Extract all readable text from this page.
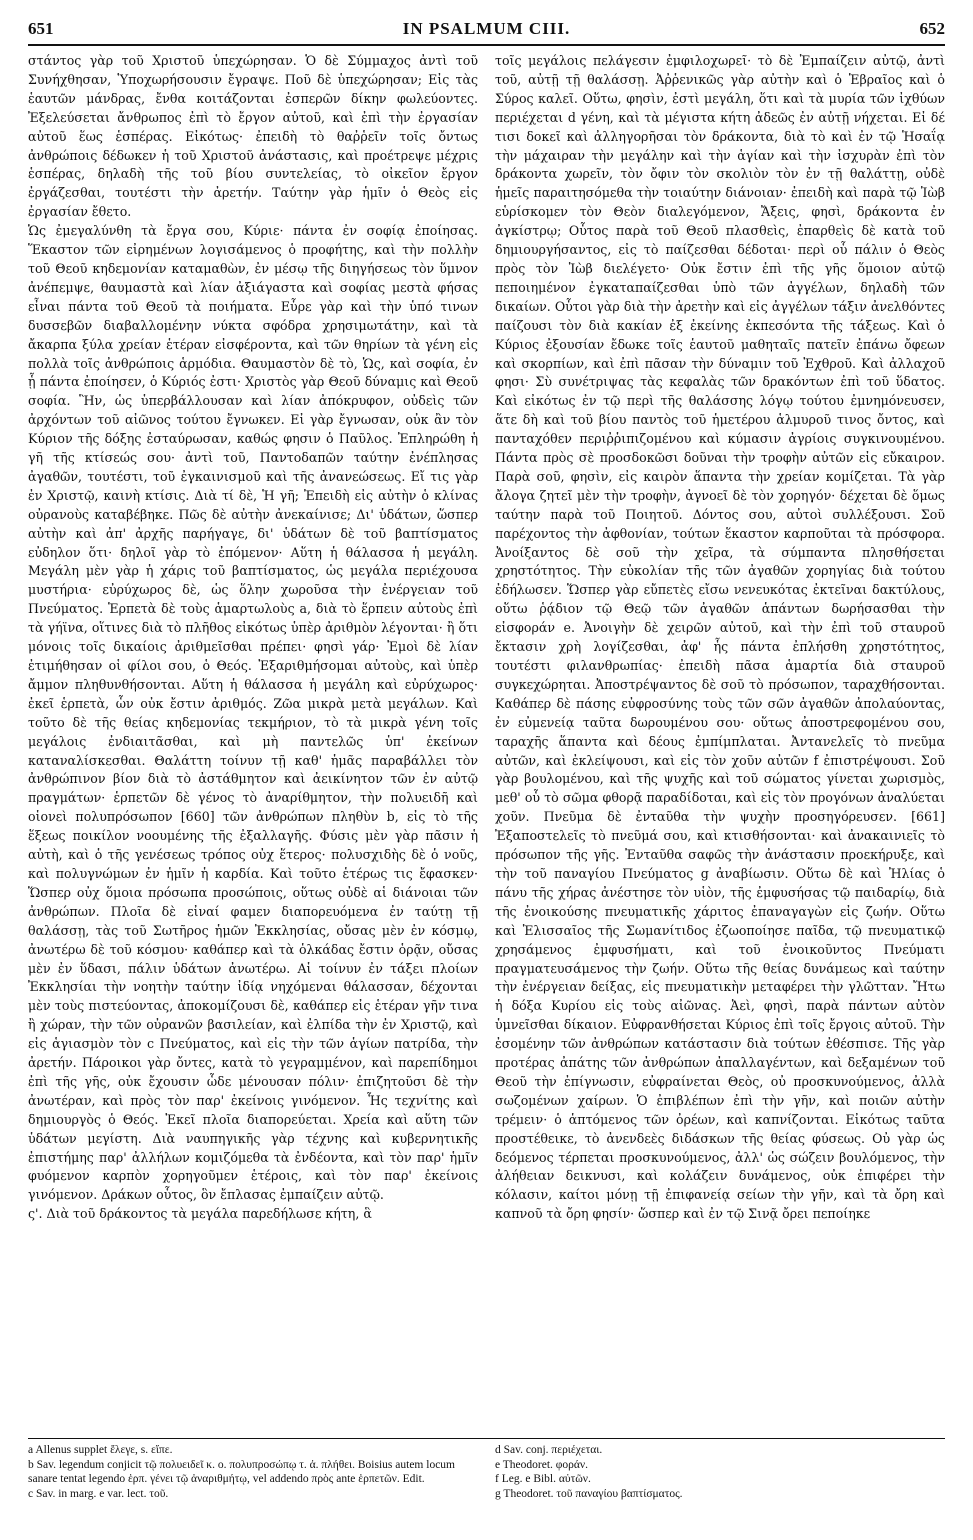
651	IN PSALMUM CIII.	652

στάντος γὰρ τοῦ Χριστοῦ ὑπεχώρησαν. Ὁ δὲ Σύμμαχος ἀντὶ τοῦ Συνήχθησαν, Ὑποχωρήσουσιν ἔγραψε. Ποῦ δὲ ὑπεχώρησαν; Εἰς τὰς ἑαυτῶν μάνδρας, ἔνθα κοιτάζονται ἐσπερῶν δίκην φωλεύοντες. Ἐξελεύσεται ἄνθρωπος ἐπὶ τὸ ἔργον αὐτοῦ, καὶ ἐπὶ τὴν ἐργασίαν αὐτοῦ ἕως ἑσπέρας. Εἰκότως· ἐπειδὴ τὸ θαῤῥεῖν τοῖς ὄντως ἀνθρώποις δέδωκεν ἡ τοῦ Χριστοῦ ἀνάστασις, καὶ προέτρεψε μέχρις ἑσπέρας, δηλαδὴ τῆς τοῦ βίου συντελείας, τὸ οἰκεῖον ἔργον ἐργάζεσθαι, τουτέστι τὴν ἀρετήν. Ταύτην γὰρ ἡμῖν ὁ Θεὸς εἰς ἐργασίαν ἔθετο.

Ὡς ἐμεγαλύνθη τὰ ἔργα σου, Κύριε· πάντα ἐν σοφίᾳ ἐποίησας. Ἕκαστον τῶν εἰρημένων λογισάμενος ὁ προφήτης, καὶ τὴν πολλὴν τοῦ Θεοῦ κηδεμονίαν καταμαθὼν, ἐν μέσῳ τῆς διηγήσεως τὸν ὕμνον ἀνέπεμψε, θαυμαστὰ καὶ λίαν ἀξιάγαστα καὶ σοφίας μεστὰ φήσας εἶναι πάντα τοῦ Θεοῦ τὰ ποιήματα. Εὗρε γὰρ καὶ τὴν ὑπό τινων δυσσεβῶν διαβαλλομένην νύκτα σφόδρα χρησιμωτάτην, καὶ τὰ ἄκαρπα ξύλα χρείαν ἑτέραν εἰσφέροντα, καὶ τῶν θηρίων τὰ γένη εἰς πολλὰ τοῖς ἀνθρώποις ἁρμόδια. Θαυμαστὸν δὲ τὸ, Ὡς, καὶ σοφία, ἐν ᾗ πάντα ἐποίησεν, ὁ Κύριός ἐστι· Χριστὸς γὰρ Θεοῦ δύναμις καὶ Θεοῦ σοφία. Ἣν, ὡς ὑπερβάλλουσαν καὶ λίαν ἀπόκρυφον, οὐδεὶς τῶν ἀρχόντων τοῦ αἰῶνος τούτου ἔγνωκεν. Εἰ γὰρ ἔγνωσαν, οὐκ ἂν τὸν Κύριον τῆς δόξης ἐσταύρωσαν, καθώς φησιν ὁ Παῦλος. Ἐπληρώθη ἡ γῆ τῆς κτίσεώς σου· ἀντὶ τοῦ, Παντοδαπῶν ταύτην ἐνέπλησας ἀγαθῶν, τουτέστι, τοῦ ἐγκαινισμοῦ καὶ τῆς ἀνανεώσεως. Εἴ τις γὰρ ἐν Χριστῷ, καινὴ κτίσις. Διὰ τί δὲ, Ἡ γῆ; Ἐπειδὴ εἰς αὐτὴν ὁ κλίνας οὐρανοὺς καταβέβηκε. Πῶς δὲ αὐτὴν ἀνεκαίνισε; Δι' ὑδάτων, ὥσπερ αὐτὴν καὶ ἀπ' ἀρχῆς παρήγαγε, δι' ὑδάτων δὲ τοῦ βαπτίσματος εὐδηλον ὅτι· δηλοῖ γὰρ τὸ ἐπόμενον· Αὕτη ἡ θάλασσα ἡ μεγάλη. Μεγάλη μὲν γὰρ ἡ χάρις τοῦ βαπτίσματος, ὡς μεγάλα περιέχουσα μυστήρια· εὐρύχωρος δὲ, ὡς ὅλην χωροῦσα τὴν ἐνέργειαν τοῦ Πνεύματος. Ἑρπετὰ δὲ τοὺς ἁμαρτωλοὺς a, διὰ τὸ ἕρπειν αὐτοὺς ἐπὶ τὰ γήϊνα, οἵτινες διὰ τὸ πλῆθος εἰκότως ὑπὲρ ἀριθμὸν λέγονται· ἢ ὅτι μόνοις τοῖς δικαίοις ἀριθμεῖσθαι πρέπει· φησὶ γάρ· Ἐμοὶ δὲ λίαν ἐτιμήθησαν οἱ φίλοι σου, ὁ Θεός. Ἐξαριθμήσομαι αὐτοὺς, καὶ ὑπὲρ ἄμμον πληθυνθήσονται. Αὕτη ἡ θάλασσα ἡ μεγάλη καὶ εὐρύχωρος· ἐκεῖ ἑρπετὰ, ὧν οὐκ ἔστιν ἀριθμός. Ζῶα μικρὰ μετὰ μεγάλων. Καὶ τοῦτο δὲ τῆς θείας κηδεμονίας τεκμήριον, τὸ τὰ μικρὰ γένη τοῖς μεγάλοις ἐνδιαιτᾶσθαι, καὶ μὴ παντελῶς ὑπ' ἐκείνων καταναλίσκεσθαι. Θαλάττη τοίνυν τῇ καθ' ἡμᾶς παραβάλλει τὸν ἀνθρώπινον βίον διὰ τὸ ἀστάθμητον καὶ ἀεικίνητον τῶν ἐν αὐτῷ πραγμάτων· ἑρπετῶν δὲ γένος τὸ ἀναρίθμητον, τὴν πολυειδῆ καὶ οἱονεὶ πολυπρόσωπον [660] τῶν ἀνθρώπων πληθὺν b, εἰς τὸ τῆς ἕξεως ποικίλον νοουμένης τῆς ἐξαλλαγῆς. Φύσις μὲν γὰρ πᾶσιν ἡ αὐτὴ, καὶ ὁ τῆς γενέσεως τρόπος οὐχ ἕτερος· πολυσχιδὴς δὲ ὁ νοῦς, καὶ πολυγνώμων ἐν ἡμῖν ἡ καρδία. Καὶ τοῦτο ἑτέρως τις ἔφασκεν· Ὥσπερ οὐχ ὅμοια πρόσωπα προσώποις, οὕτως οὐδὲ αἱ διάνοιαι τῶν ἀνθρώπων. Πλοῖα δὲ εἰναί φαμεν διαπορευόμενα ἐν ταύτῃ τῇ θαλάσσῃ, τὰς τοῦ Σωτῆρος ἡμῶν Ἐκκλησίας, οὔσας μὲν ἐν κόσμῳ, ἀνωτέρω δὲ τοῦ κόσμου· καθάπερ καὶ τὰ ὁλκάδας ἔστιν ὁρᾷν, οὔσας μὲν ἐν ὕδασι, πάλιν ὑδάτων ἀνωτέρω. Αἱ τοίνυν ἐν τάξει πλοίων Ἐκκλησίαι τὴν νοητὴν ταύτην ἰδίᾳ νηχόμεναι θάλασσαν, δέχονται μὲν τοὺς πιστεύοντας, ἀποκομίζουσι δὲ, καθάπερ εἰς ἑτέραν γῆν τινα ἢ χώραν, τὴν τῶν οὐρανῶν βασιλείαν, καὶ ἐλπίδα τὴν ἐν Χριστῷ, καὶ εἰς ἁγιασμὸν τὸν c Πνεύματος, καὶ εἰς τὴν τῶν ἁγίων πατρίδα, τὴν ἀρετήν. Πάροικοι γὰρ ὄντες, κατὰ τὸ γεγραμμένον, καὶ παρεπίδημοι ἐπὶ τῆς γῆς, οὐκ ἔχουσιν ὧδε μένουσαν πόλιν· ἐπιζητοῦσι δὲ τὴν ἀνωτέραν, καὶ πρὸς τὸν παρ' ἐκείνοις γινόμενον. Ἧς τεχνίτης καὶ δημιουργὸς ὁ Θεός. Ἐκεῖ πλοῖα διαπορεύεται. Χρεία καὶ αὕτη τῶν ὑδάτων μεγίστη. Διὰ ναυπηγικῆς γὰρ τέχνης καὶ κυβερνητικῆς ἐπιστήμης παρ' ἀλλήλων κομιζόμεθα τὰ ἐνδέοντα, καὶ τὸν παρ' ἡμῖν φυόμενον καρπὸν χορηγοῦμεν ἑτέροις, καὶ τὸν παρ' ἐκείνοις γινόμενον. Δράκων οὗτος, ὃν ἔπλασας ἐμπαίζειν αὐτῷ.

ς'. Διὰ τοῦ δράκοντος τὰ μεγάλα παρεδήλωσε κήτη, ἃ

τοῖς μεγάλοις πελάγεσιν ἐμφιλοχωρεῖ· τὸ δὲ Ἐμπαίζειν αὐτῷ, ἀντὶ τοῦ, αὐτῇ τῇ θαλάσσῃ. Ἀῤῥενικῶς γὰρ αὐτὴν καὶ ὁ Ἑβραῖος καὶ ὁ Σύρος καλεῖ. Οὕτω, φησὶν, ἐστὶ μεγάλη, ὅτι καὶ τὰ μυρία τῶν ἰχθύων περιέχεται d γένη, καὶ τὰ μέγιστα κήτη ἀδεῶς ἐν αὐτῇ νήχεται. Εἰ δέ τισι δοκεῖ καὶ ἀλληγορῆσαι τὸν δράκοντα, διὰ τὸ καὶ ἐν τῷ Ἡσαΐᾳ τὴν μάχαιραν τὴν μεγάλην καὶ τὴν ἁγίαν καὶ τὴν ἰσχυρὰν ἐπὶ τὸν δράκοντα χωρεῖν, τὸν ὄφιν τὸν σκολιὸν τὸν ἐν τῇ θαλάττῃ, οὐδὲ ἡμεῖς παραιτησόμεθα τὴν τοιαύτην διάνοιαν· ἐπειδὴ καὶ παρὰ τῷ Ἰὼβ εὑρίσκομεν τὸν Θεὸν διαλεγόμενον, Ἄξεις, φησὶ, δράκοντα ἐν ἀγκίστρῳ; Οὗτος παρὰ τοῦ Θεοῦ πλασθεὶς, ἐπαρθεὶς δὲ κατὰ τοῦ δημιουργήσαντος, εἰς τὸ παίζεσθαι δέδοται· περὶ οὗ πάλιν ὁ Θεὸς πρὸς τὸν Ἰὼβ διελέγετο· Οὐκ ἔστιν ἐπὶ τῆς γῆς ὅμοιον αὐτῷ πεποιημένον ἐγκαταπαίζεσθαι ὑπὸ τῶν ἀγγέλων, δηλαδὴ τῶν δικαίων. Οὗτοι γὰρ διὰ τὴν ἀρετὴν καὶ εἰς ἀγγέλων τάξιν ἀνελθόντες παίζουσι τὸν διὰ κακίαν ἐξ ἐκείνης ἐκπεσόντα τῆς τάξεως. Καὶ ὁ Κύριος ἐξουσίαν ἔδωκε τοῖς ἑαυτοῦ μαθηταῖς πατεῖν ἐπάνω ὄφεων καὶ σκορπίων, καὶ ἐπὶ πᾶσαν τὴν δύναμιν τοῦ Ἐχθροῦ. Καὶ ἀλλαχοῦ φησι· Σὺ συνέτριψας τὰς κεφαλὰς τῶν δρακόντων ἐπὶ τοῦ ὕδατος. Καὶ εἰκότως ἐν τῷ περὶ τῆς θαλάσσης λόγῳ τούτου ἐμνημόνευσεν, ἅτε δὴ καὶ τοῦ βίου παντὸς τοῦ ἡμετέρου ἁλμυροῦ τινος ὄντος, καὶ πανταχόθεν περιῤῥιπιζομένου καὶ κύμασιν ἀγρίοις συγκινουμένου. Πάντα πρὸς σὲ προσδοκῶσι δοῦναι τὴν τροφὴν αὐτῶν εἰς εὔκαιρον. Παρὰ σοῦ, φησὶν, εἰς καιρὸν ἅπαντα τὴν χρείαν κομίζεται. Τὰ γὰρ ἄλογα ζητεῖ μὲν τὴν τροφὴν, ἀγνοεῖ δὲ τὸν χορηγόν· δέχεται δὲ ὅμως ταύτην παρὰ τοῦ Ποιητοῦ. Δόντος σου, αὐτοὶ συλλέξουσι. Σοῦ παρέχοντος τὴν ἀφθονίαν, τούτων ἕκαστον καρποῦται τὰ πρόσφορα. Ἀνοίξαντος δὲ σοῦ τὴν χεῖρα, τὰ σύμπαντα πλησθήσεται χρηστότητος. Τὴν εὐκολίαν τῆς τῶν ἀγαθῶν χορηγίας διὰ τούτου ἐδήλωσεν. Ὥσπερ γὰρ εὔπετὲς εἴσω νενευκότας ἐκτεῖναι δακτύλους, οὕτω ῥᾴδιον τῷ Θεῷ τῶν ἀγαθῶν ἁπάντων δωρήσασθαι τὴν εἰσφοράν e. Ἀνοιγὴν δὲ χειρῶν αὐτοῦ, καὶ τὴν ἐπὶ τοῦ σταυροῦ ἔκτασιν χρὴ λογίζεσθαι, ἀφ' ἧς πάντα ἐπλήσθη χρηστότητος, τουτέστι φιλανθρωπίας· ἐπειδὴ πᾶσα ἁμαρτία διὰ σταυροῦ συγκεχώρηται. Ἀποστρέψαντος δὲ σοῦ τὸ πρόσωπον, ταραχθήσονται. Καθάπερ δὲ πάσης εὐφροσύνης τοὺς τῶν σῶν ἀγαθῶν ἀπολαύοντας, ἐν εὐμενείᾳ ταῦτα δωρουμένου σου· οὕτως ἀποστρεφομένου σου, ταραχῆς ἅπαντα καὶ δέους ἐμπίμπλαται. Ἀντανελεῖς τὸ πνεῦμα αὐτῶν, καὶ ἐκλείψουσι, καὶ εἰς τὸν χοῦν αὐτῶν f ἐπιστρέψουσι. Σοῦ γὰρ βουλομένου, καὶ τῆς ψυχῆς καὶ τοῦ σώματος γίνεται χωρισμὸς, μεθ' οὗ τὸ σῶμα φθορᾷ παραδίδοται, καὶ εἰς τὸν προγόνων ἀναλύεται χοῦν. Πνεῦμα δὲ ἐνταῦθα τὴν ψυχὴν προσηγόρευσεν. [661] Ἐξαποστελεῖς τὸ πνεῦμά σου, καὶ κτισθήσονται· καὶ ἀνακαινιεῖς τὸ πρόσωπον τῆς γῆς. Ἐνταῦθα σαφῶς τὴν ἀνάστασιν προεκήρυξε, καὶ τὴν τοῦ παναγίου Πνεύματος g ἀναβίωσιν. Οὕτω δὲ καὶ Ἠλίας ὁ πάνυ τῆς χήρας ἀνέστησε τὸν υἱὸν, τῆς ἐμφυσήσας τῷ παιδαρίῳ, διὰ τῆς ἐνοικούσης πνευματικῆς χάριτος ἐπαναγαγὼν εἰς ζωήν. Οὕτω καὶ Ἐλισσαῖος τῆς Σωμανίτιδος ἐζωοποίησε παῖδα, τῷ πνευματικῷ χρησάμενος ἐμφυσήματι, καὶ τοῦ ἐνοικοῦντος Πνεύματι πραγματευσάμενος τὴν ζωήν. Οὕτω τῆς θείας δυνάμεως καὶ ταύτην τὴν ἐνέργειαν δείξας, εἰς πνευματικὴν μεταφέρει τὴν γλῶτταν. Ἤτω ἡ δόξα Κυρίου εἰς τοὺς αἰῶνας. Ἀεὶ, φησὶ, παρὰ πάντων αὐτὸν ὑμνεῖσθαι δίκαιον. Εὐφρανθήσεται Κύριος ἐπὶ τοῖς ἔργοις αὐτοῦ. Τὴν ἐσομένην τῶν ἀνθρώπων κατάστασιν διὰ τούτων ἐθέσπισε. Τῆς γὰρ προτέρας ἀπάτης τῶν ἀνθρώπων ἀπαλλαγέντων, καὶ δεξαμένων τοῦ Θεοῦ τὴν ἐπίγνωσιν, εὐφραίνεται Θεὸς, οὐ προσκυνούμενος, ἀλλὰ σωζομένων χαίρων. Ὁ ἐπιβλέπων ἐπὶ τὴν γῆν, καὶ ποιῶν αὐτὴν τρέμειν· ὁ ἁπτόμενος τῶν ὀρέων, καὶ καπνίζονται. Εἰκότως ταῦτα προστέθεικε, τὸ ἀνενδεὲς διδάσκων τῆς θείας φύσεως. Οὐ γὰρ ὡς δεόμενος τέρπεται προσκυνούμενος, ἀλλ' ὡς σώζειν βουλόμενος, τὴν ἀλήθειαν δεικνυσι, καὶ κολάζειν δυνάμενος, οὐκ ἐπιφέρει τὴν κόλασιν, καίτοι μόνῃ τῇ ἐπιφανείᾳ σείων τὴν γῆν, καὶ τὰ ὄρη καὶ καπνοῦ τὰ ὄρη φησίν· ὥσπερ καὶ ἐν τῷ Σινᾷ ὄρει πεποίηκε

a Allenus supplet ἔλεγε, s. εἴπε.
b Sav. legendum conjicit τῷ πολυειδεῖ κ. ο. πολυπροσώπῳ τ. ἀ. πλήθει. Boisius autem locum sanare tentat legendo ἑρπ. γένει τῷ ἀναριθμήτῳ, vel addendo πρὸς ante ἑρπετῶν. Edit.
c Sav. in marg. e var. lect. τοῦ.
d Sav. conj. περιέχεται.
e Theodoret. φοράν.
f Leg. e Bibl. αὐτῶν.
g Theodoret. τοῦ παναγίου βαπτίσματος.
